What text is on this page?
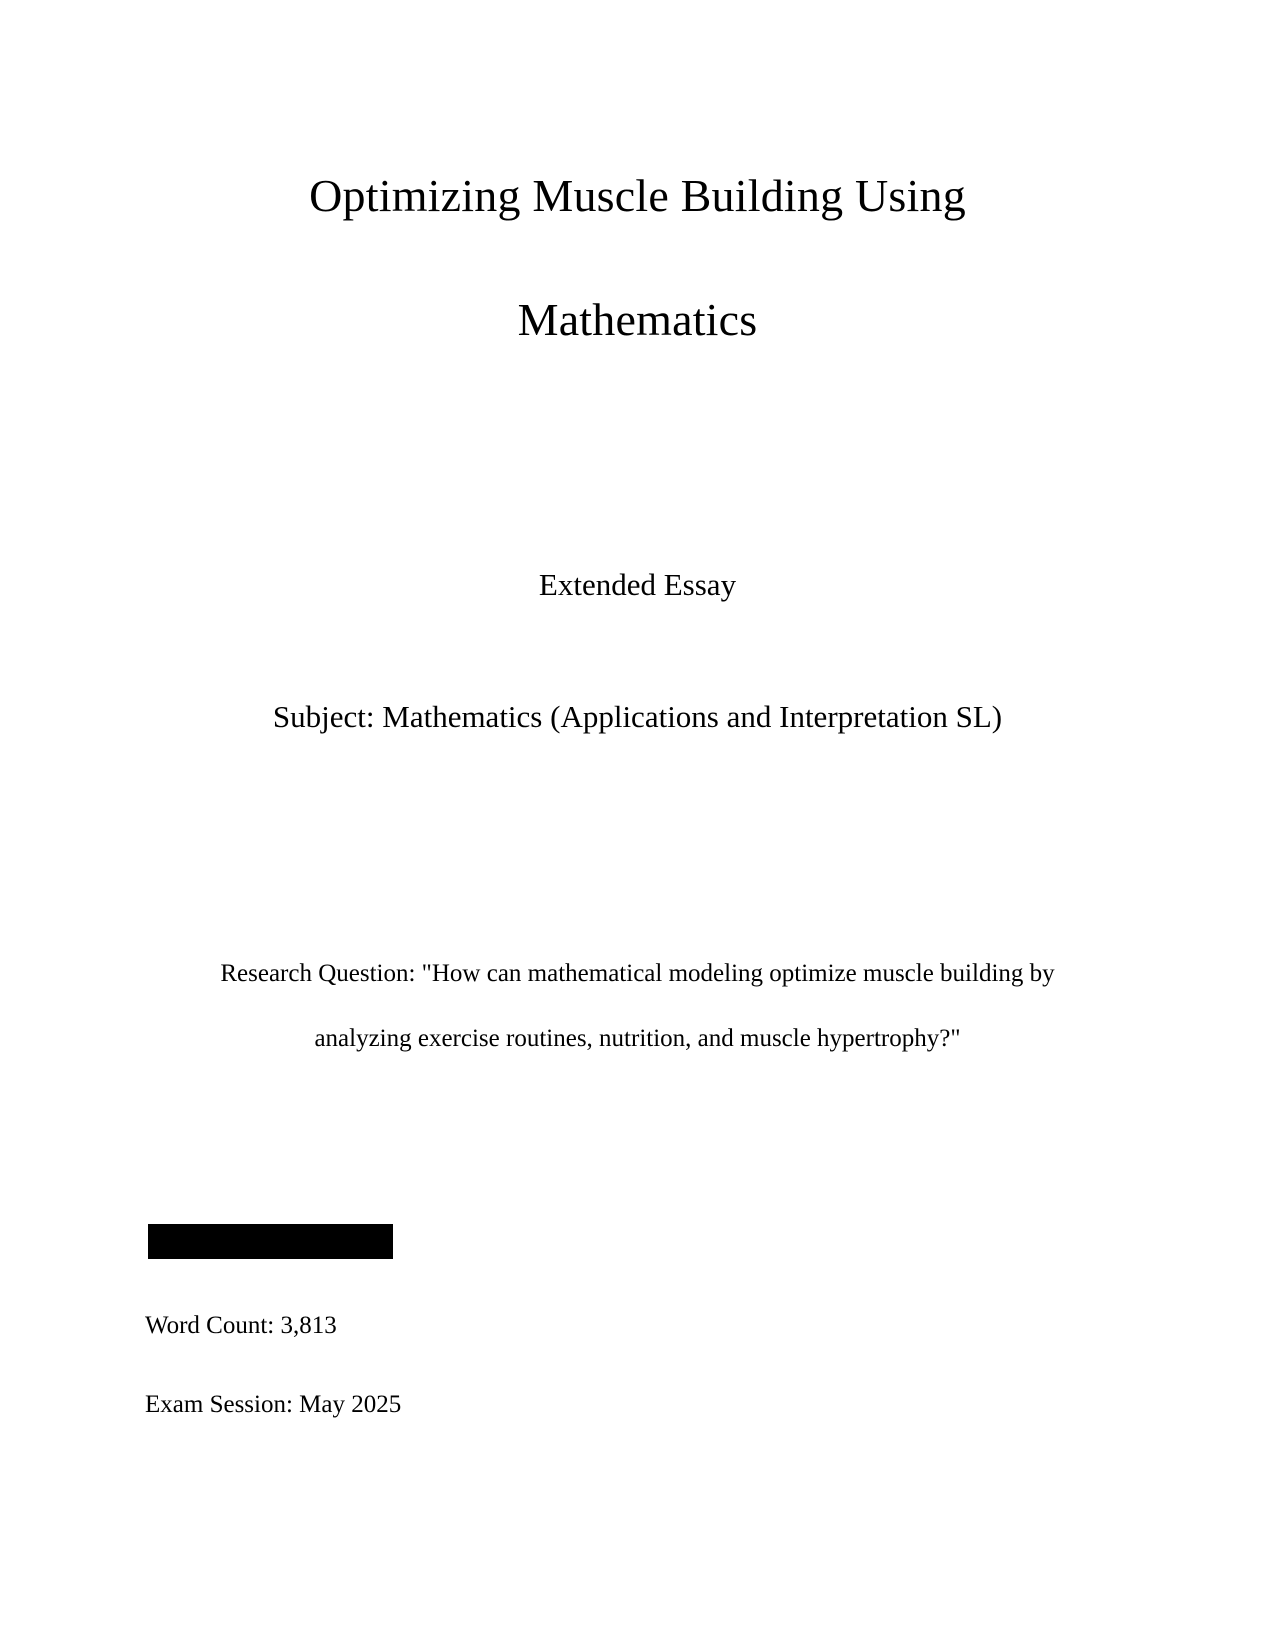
Optimizing Muscle Building Using
Mathematics
Extended Essay
Subject: Mathematics (Applications and Interpretation SL)
Research Question: "How can mathematical modeling optimize muscle building by
analyzing exercise routines, nutrition, and muscle hypertrophy?"
Word Count: 3,813
Exam Session: May 2025
